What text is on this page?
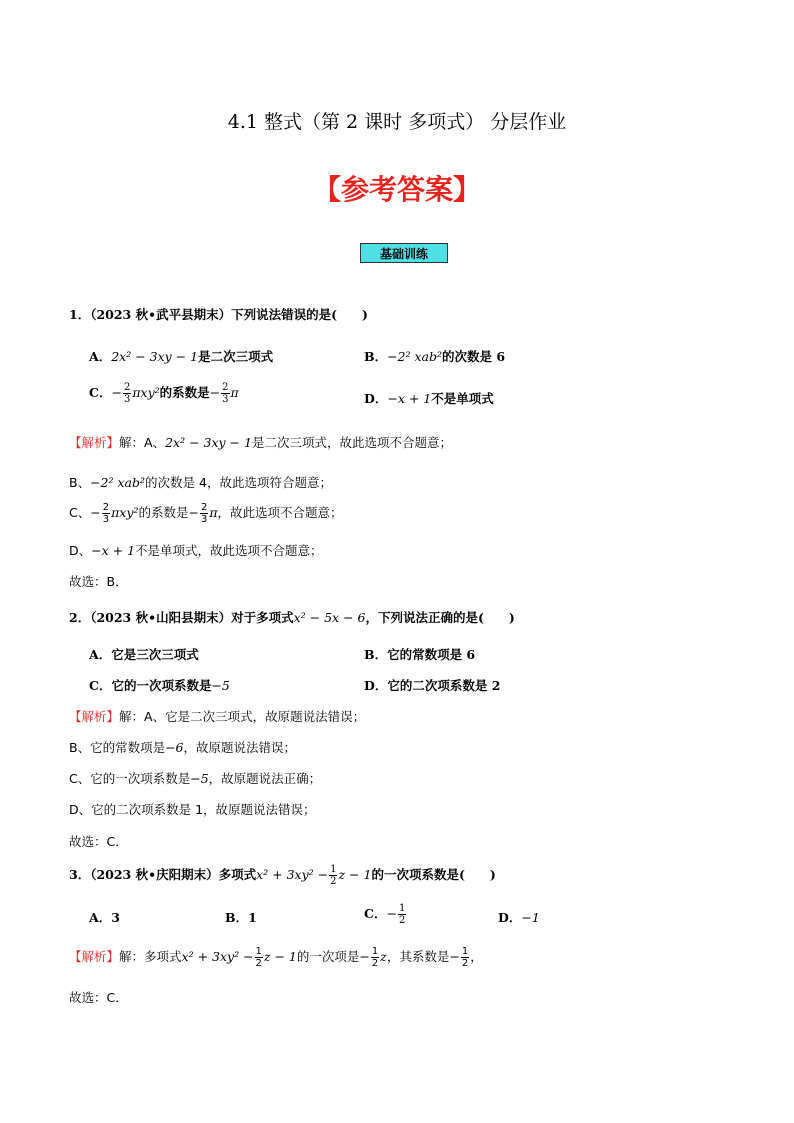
4.1 整式（第 2 课时 多项式） 分层作业
【参考答案】
基础训练
1．（2023 秋•武平县期末）下列说法错误的是(　　)
A．2x² − 3xy − 1是二次三项式	B．−2² xab²的次数是 6
C．− $\frac{2}{3} \pi xy^2$的系数是− $\frac{2}{3}$ π	D．−x + 1不是单项式
【解析】解：A、2x² − 3xy − 1是二次三项式，故此选项不合题意；
B、−2² xab²的次数是 4，故此选项符合题意；
C、− $\frac{2}{3} \pi xy^2$的系数是− $\frac{2}{3}$ π，故此选项不合题意；
D、−x + 1不是单项式，故此选项不合题意；
故选：B．
2．（2023 秋•山阳县期末）对于多项式x² − 5x − 6，下列说法正确的是(　　)
A．它是三次三项式	B．它的常数项是 6
C．它的一次项系数是−5	D．它的二次项系数是 2
【解析】解：A、它是二次三项式，故原题说法错误；
B、它的常数项是−6，故原题说法错误；
C、它的一次项系数是−5，故原题说法正确；
D、它的二次项系数是 1，故原题说法错误；
故选：C．
3．（2023 秋•庆阳期末）多项式$x^2 + 3xy^2 - \frac{1}{2}$ z − 1的一次项系数是(　　)
A．3	B．1	C．− $\frac{1}{2}$	D．−1
【解析】解：多项式$x^2 + 3xy^2 - \frac{1}{2}$ z − 1的一次项是− $\frac{1}{2}$ z，其系数是− $\frac{1}{2}$ ，
故选：C．
